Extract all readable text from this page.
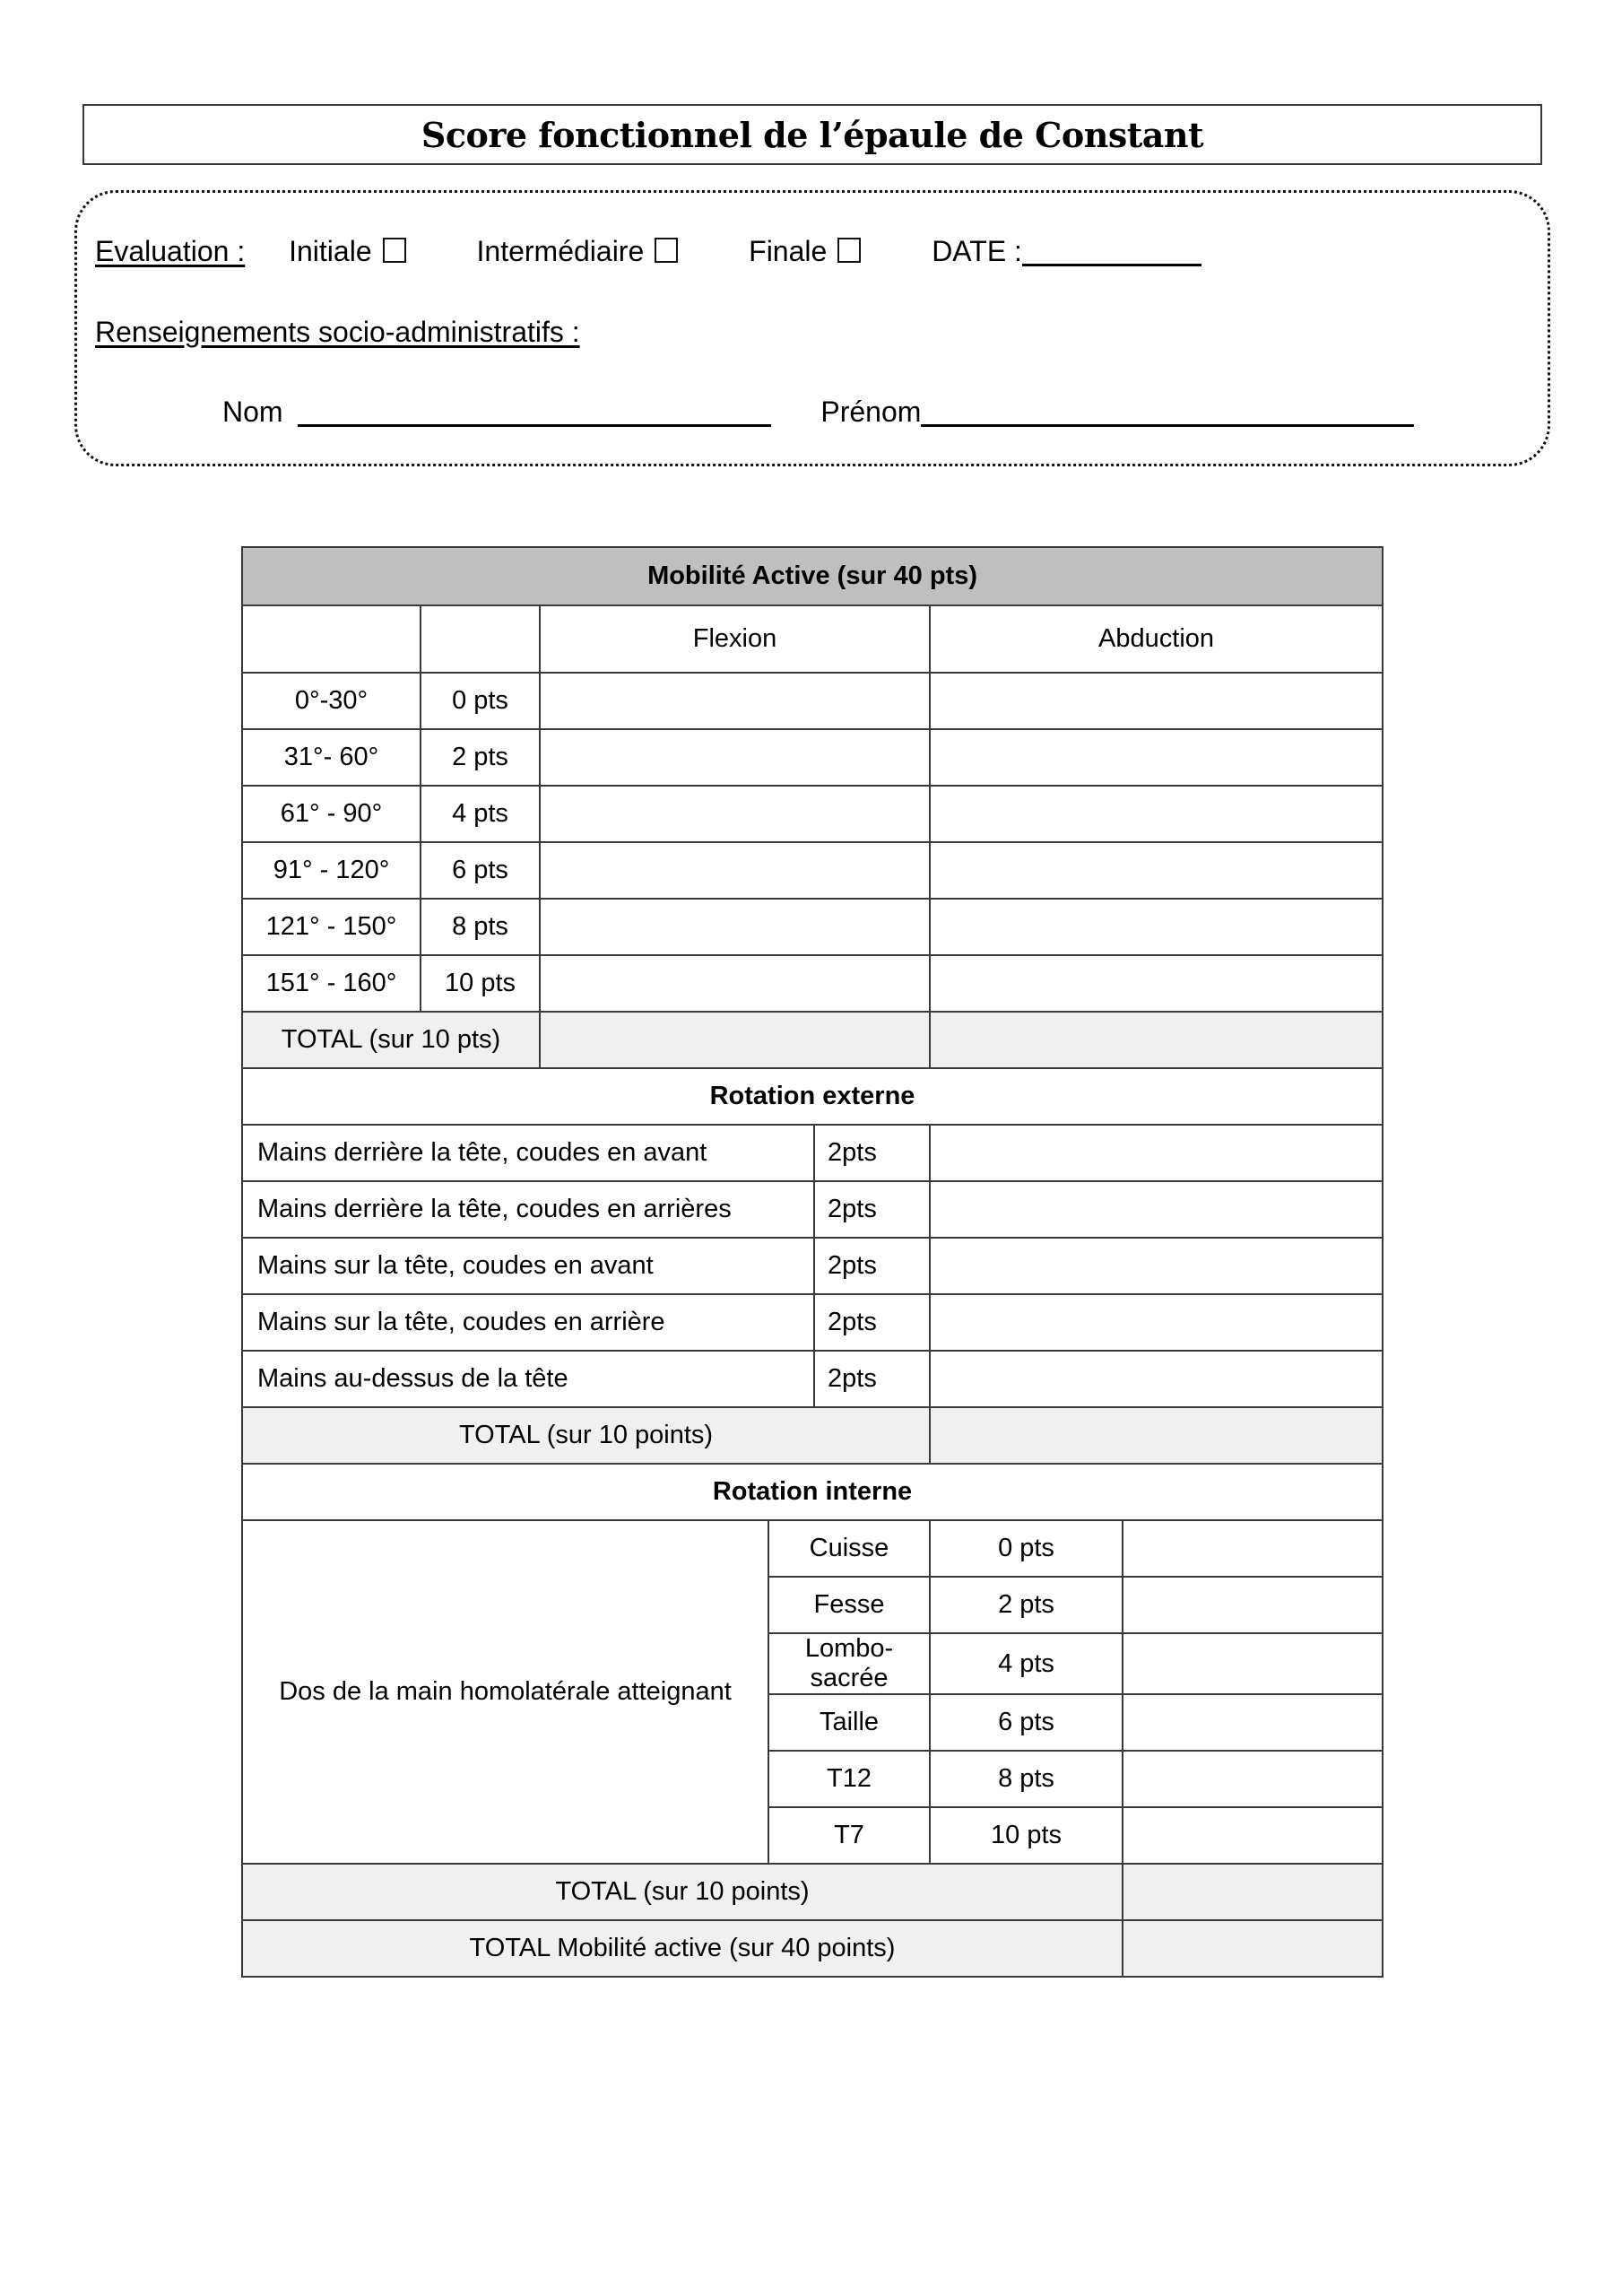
Score fonctionnel de l’épaule de Constant
Evaluation : Initiale	Intermédiaire	Finale	DATE :
Renseignements socio-administratifs :
Nom	Prénom
Mobilité Active (sur 40 pts)						
		Flexion			Abduction	
0°-30°	0 pts					
31°- 60°	2 pts					
61° - 90°	4 pts					
91° - 120°	6 pts					
121° - 150°	8 pts					
151° - 160°	10 pts					
TOTAL (sur 10 pts)						
Rotation externe						
Mains derrière la tête, coudes en avant				2pts		
Mains derrière la tête, coudes en arrières				2pts		
Mains sur la tête, coudes en avant				2pts		
Mains sur la tête, coudes en arrière				2pts		
Mains au-dessus de la tête				2pts		
TOTAL (sur 10 points)						
Rotation interne						
Dos de la main homolatérale atteignant			Cuisse		0 pts	
			Fesse		2 pts	
			Lombo-sacrée		4 pts	
			Taille		6 pts	
			T12		8 pts	
			T7		10 pts	
TOTAL (sur 10 points)						
TOTAL Mobilité active (sur 40 points)						
